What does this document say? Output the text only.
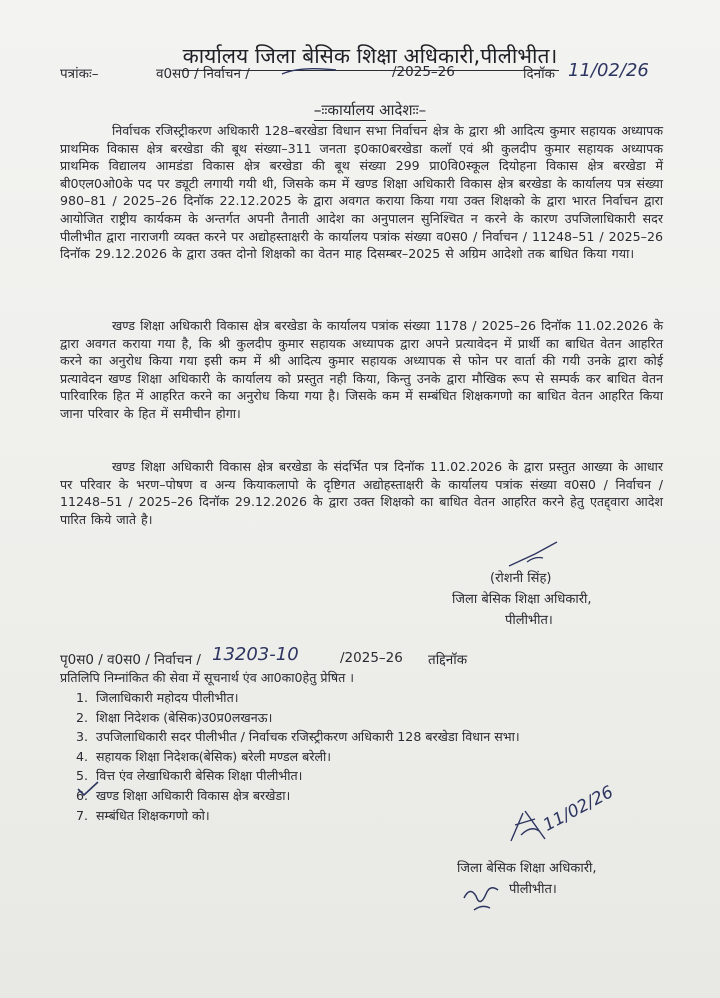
कार्यालय जिला बेसिक शिक्षा अधिकारी,पीलीभीत।
पत्रांकः–	व0स0 / निर्वाचन /	/2025–26	दिनॉक 11/02/26
–ःःकार्यालय आदेशःः–
निर्वाचक रजिस्ट्रीकरण अधिकारी 128–बरखेडा विधान सभा निर्वाचन क्षेत्र के द्वारा श्री आदित्य कुमार सहायक अध्यापक प्राथमिक विकास क्षेत्र बरखेडा की बूथ संख्या–311 जनता इ0का0बरखेडा कलॉ एवं श्री कुलदीप कुमार सहायक अध्यापक प्राथमिक विद्यालय आमडंडा विकास क्षेत्र बरखेडा की बूथ संख्या 299 प्रा0वि0स्कूल दियोहना विकास क्षेत्र बरखेडा में बी0एल0ओ0के पद पर ड्यूटी लगायी गयी थी, जिसके कम में खण्ड शिक्षा अधिकारी विकास क्षेत्र बरखेडा के कार्यालय पत्र संख्या 980–81 / 2025–26 दिनॉक 22.12.2025 के द्वारा अवगत कराया किया गया उक्त शिक्षको के द्वारा भारत निर्वाचन द्वारा आयोजित राष्ट्रीय कार्यकम के अन्तर्गत अपनी तैनाती आदेश का अनुपालन सुनिश्चित न करने के कारण उपजिलाधिकारी सदर पीलीभीत द्वारा नाराजगी व्यक्त करने पर अद्योहस्ताक्षरी के कार्यालय पत्रांक संख्या व0स0 / निर्वाचन / 11248–51 / 2025–26 दिनॉक 29.12.2026 के द्वारा उक्त दोनो शिक्षको का वेतन माह दिसम्बर–2025 से अग्रिम आदेशो तक बाधित किया गया।
खण्ड शिक्षा अधिकारी विकास क्षेत्र बरखेडा के कार्यालय पत्रांक संख्या 1178 / 2025–26 दिनॉक 11.02.2026 के द्वारा अवगत कराया गया है, कि श्री कुलदीप कुमार सहायक अध्यापक द्वारा अपने प्रत्यावेदन में प्रार्थी का बाधित वेतन आहरित करने का अनुरोध किया गया इसी कम में श्री आदित्य कुमार सहायक अध्यापक से फोन पर वार्ता की गयी उनके द्वारा कोई प्रत्यावेदन खण्ड शिक्षा अधिकारी के कार्यालय को प्रस्तुत नही किया, किन्तु उनके द्वारा मौखिक रूप से सम्पर्क कर बाधित वेतन पारिवारिक हित में आहरित करने का अनुरोध किया गया है। जिसके कम में सम्बंधित शिक्षकगणो का बाधित वेतन आहरित किया जाना परिवार के हित में समीचीन होगा।
खण्ड शिक्षा अधिकारी विकास क्षेत्र बरखेडा के संदर्भित पत्र दिनॉक 11.02.2026 के द्वारा प्रस्तुत आख्या के आधार पर परिवार के भरण–पोषण व अन्य कियाकलापो के दृष्टिगत अद्योहस्ताक्षरी के कार्यालय पत्रांक संख्या व0स0 / निर्वाचन / 11248–51 / 2025–26 दिनॉक 29.12.2026 के द्वारा उक्त शिक्षको का बाधित वेतन आहरित करने हेतु एतद्द्वारा आदेश पारित किये जाते है।
(रोशनी सिंह)
जिला बेसिक शिक्षा अधिकारी,
पीलीभीत।
पृ0स0 / व0स0 / निर्वाचन / 13203-10	/2025–26 तद्दिनॉक
प्रतिलिपि निम्नांकित की सेवा में सूचनार्थ एंव आ0का0हेतु प्रेषित ।
1. जिलाधिकारी महोदय पीलीभीत।
2. शिक्षा निदेशक (बेसिक)उ0प्र0लखनऊ।
3. उपजिलाधिकारी सदर पीलीभीत / निर्वाचक रजिस्ट्रीकरण अधिकारी 128 बरखेडा विधान सभा।
4. सहायक शिक्षा निदेशक(बेसिक) बरेली मण्डल बरेली।
5. वित्त एंव लेखाधिकारी बेसिक शिक्षा पीलीभीत।
6. खण्ड शिक्षा अधिकारी विकास क्षेत्र बरखेडा।
7. सम्बंधित शिक्षकगणो को।	11/02/26
जिला बेसिक शिक्षा अधिकारी,
पीलीभीत।
